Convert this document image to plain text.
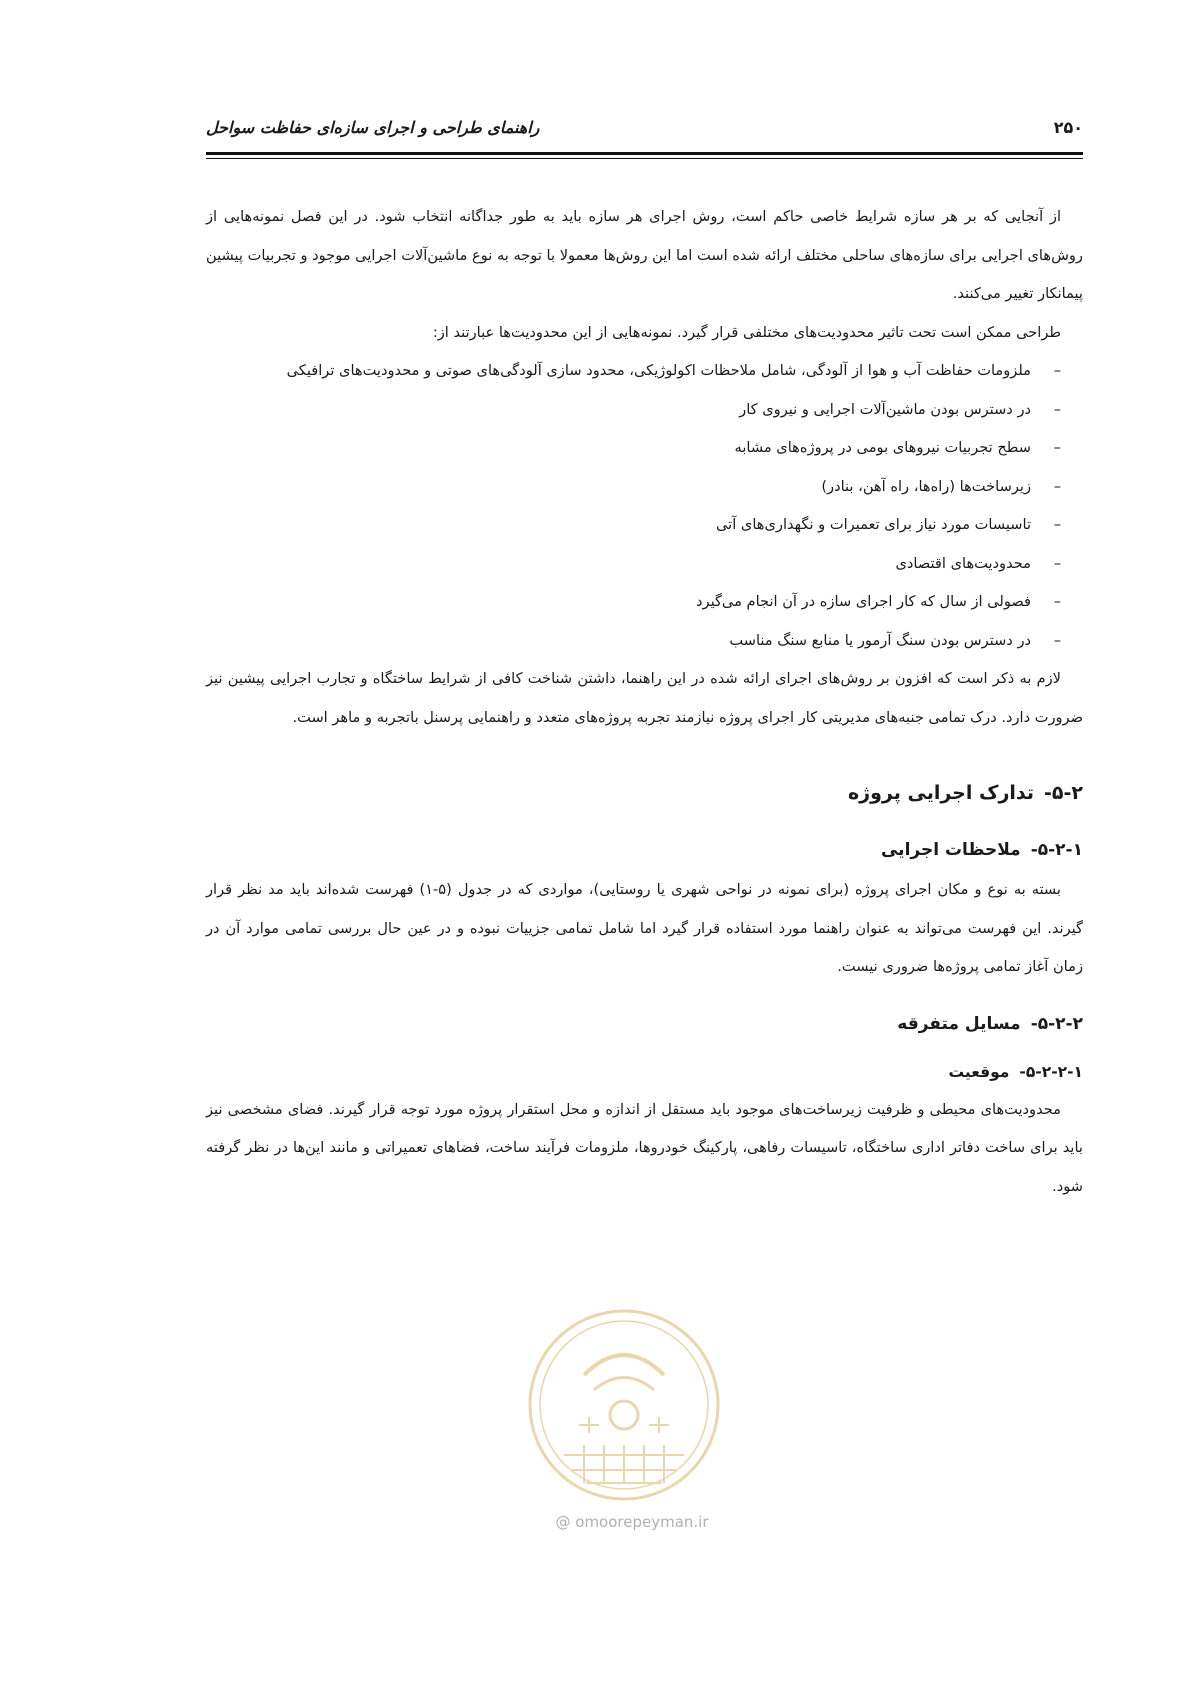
۲۵۰
راهنمای طراحی و اجرای سازه‌ای حفاظت سواحل

از آنجایی که بر هر سازه شرایط خاصی حاکم است، روش اجرای هر سازه باید به طور جداگانه انتخاب شود. در این فصل نمونه‌هایی از روش‌های اجرایی برای سازه‌های ساحلی مختلف ارائه شده است اما این روش‌ها معمولا با توجه به نوع ماشین‌آلات اجرایی موجود و تجربیات پیشین پیمانکار تغییر می‌کنند.

طراحی ممکن است تحت تاثیر محدودیت‌های مختلفی قرار گیرد. نمونه‌هایی از این محدودیت‌ها عبارتند از:

–
ملزومات حفاظت آب و هوا از آلودگی، شامل ملاحظات اکولوژیکی، محدود سازی آلودگی‌های صوتی و محدودیت‌های ترافیکی
–
در دسترس بودن ماشین‌آلات اجرایی و نیروی کار
–
سطح تجربیات نیروهای بومی در پروژه‌های مشابه
–
زیرساخت‌ها (راه‌ها، راه آهن، بنادر)
–
تاسیسات مورد نیاز برای تعمیرات و نگهداری‌های آتی
–
محدودیت‌های اقتصادی
–
فصولی از سال که کار اجرای سازه در آن انجام می‌گیرد
–
در دسترس بودن سنگ آرمور یا منابع سنگ مناسب

لازم به ذکر است که افزون بر روش‌های اجرای ارائه شده در این راهنما، داشتن شناخت کافی از شرایط ساختگاه و تجارب اجرایی پیشین نیز ضرورت دارد. درک تمامی جنبه‌های مدیریتی کار اجرای پروژه نیازمند تجربه پروژه‌های متعدد و راهنمایی پرسنل باتجربه و ماهر است.

۵-۲-تدارک اجرایی پروژه
۵-۲-۱-ملاحظات اجرایی

بسته به نوع و مکان اجرای پروژه (برای نمونه در نواحی شهری یا روستایی)، مواردی که در جدول (۵-۱) فهرست شده‌اند باید مد نظر قرار گیرند. این فهرست می‌تواند به عنوان راهنما مورد استفاده قرار گیرد اما شامل تمامی جزییات نبوده و در عین حال بررسی تمامی موارد آن در زمان آغاز تمامی پروژه‌ها ضروری نیست.

۵-۲-۲-مسایل متفرقه
۵-۲-۲-۱-موقعیت

محدودیت‌های محیطی و ظرفیت زیرساخت‌های موجود باید مستقل از اندازه و محل استقرار پروژه مورد توجه قرار گیرند. فضای مشخصی نیز باید برای ساخت دفاتر اداری ساختگاه، تاسیسات رفاهی، پارکینگ خودروها، ملزومات فرآیند ساخت، فضاهای تعمیراتی و مانند این‌ها در نظر گرفته شود.

@ omoorepeyman.ir
